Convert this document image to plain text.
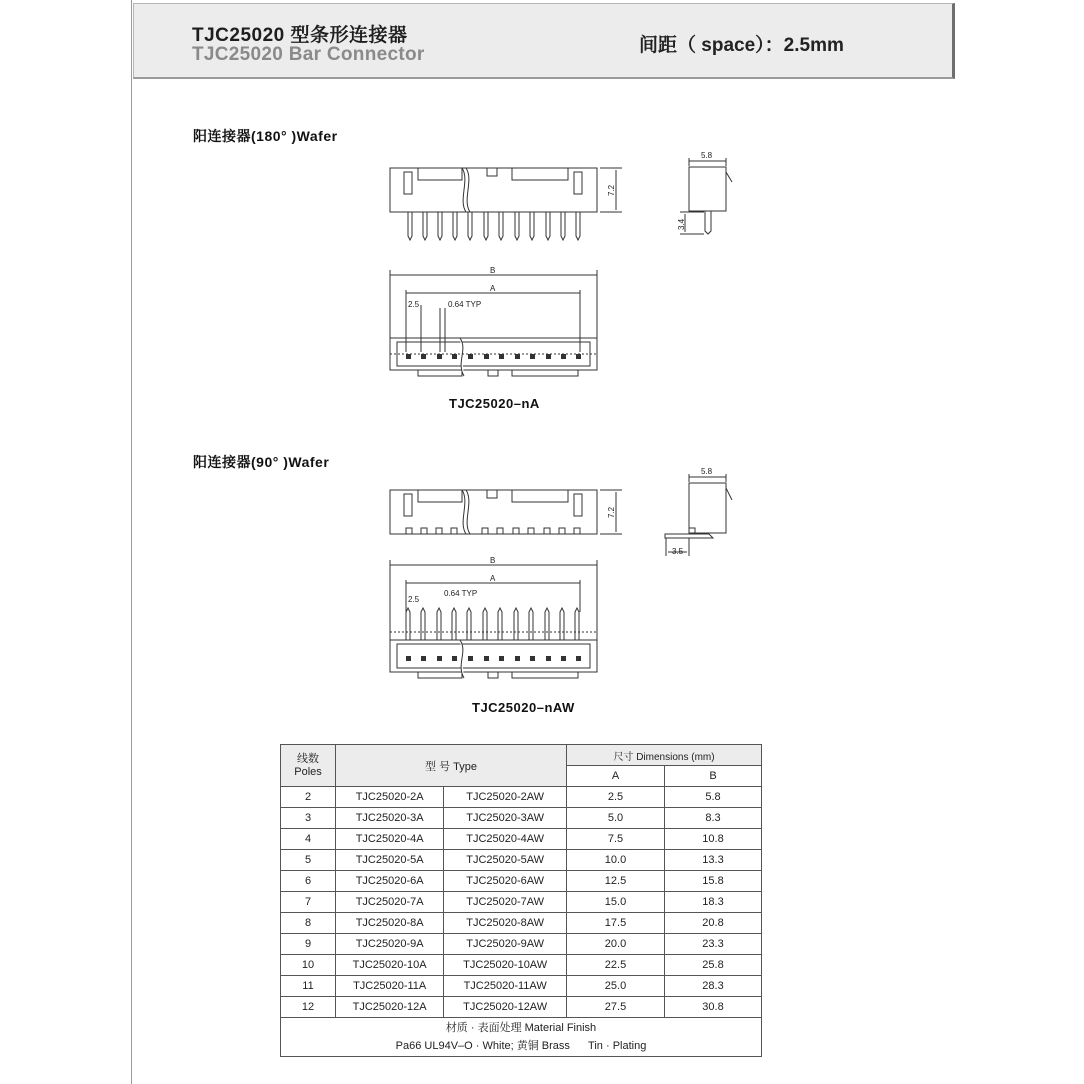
TJC25020 型条形连接器
TJC25020 Bar Connector	间距（ space）：2.5mm
阳连接器(180° )Wafer
阳连接器(90° )Wafer
7.2
5.8
3.4
B
A
2.5	0.64 TYP
7.2
5.8
3.5
B
A
2.5
0.64 TYP
TJC25020–nA
TJC25020–nAW
线数
Poles	型 号 Type		尺寸 Dimensions (mm)	
			A	B
2	TJC25020-2A	TJC25020-2AW	2.5	5.8
3	TJC25020-3A	TJC25020-3AW	5.0	8.3
4	TJC25020-4A	TJC25020-4AW	7.5	10.8
5	TJC25020-5A	TJC25020-5AW	10.0	13.3
6	TJC25020-6A	TJC25020-6AW	12.5	15.8
7	TJC25020-7A	TJC25020-7AW	15.0	18.3
8	TJC25020-8A	TJC25020-8AW	17.5	20.8
9	TJC25020-9A	TJC25020-9AW	20.0	23.3
10	TJC25020-10A	TJC25020-10AW	22.5	25.8
11	TJC25020-11A	TJC25020-11AW	25.0	28.3
12	TJC25020-12A	TJC25020-12AW	27.5	30.8
材质 · 表面处理 Material Finish
Pa66 UL94V–O · White; 黄铜 Brass      Tin · Plating				
